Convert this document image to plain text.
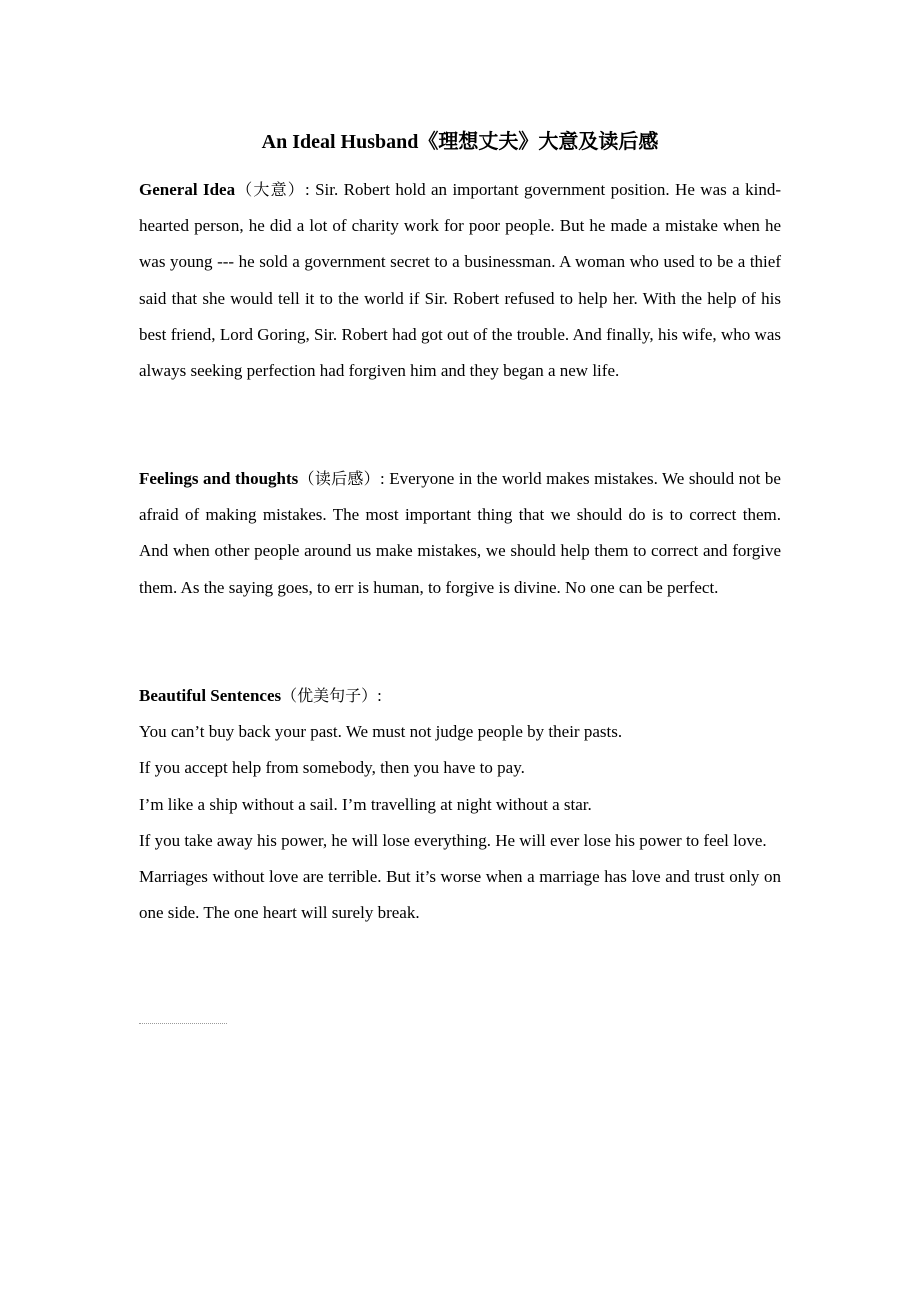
An Ideal Husband《理想丈夫》大意及读后感

General Idea（大意）: Sir. Robert hold an important government position. He was a kind-hearted person, he did a lot of charity work for poor people. But he made a mistake when he was young --- he sold a government secret to a businessman. A woman who used to be a thief said that she would tell it to the world if Sir. Robert refused to help her. With the help of his best friend, Lord Goring, Sir. Robert had got out of the trouble. And finally, his wife, who was always seeking perfection had forgiven him and they began a new life.

Feelings and thoughts（读后感）: Everyone in the world makes mistakes. We should not be afraid of making mistakes. The most important thing that we should do is to correct them. And when other people around us make mistakes, we should help them to correct and forgive them. As the saying goes, to err is human, to forgive is divine. No one can be perfect.

Beautiful Sentences（优美句子）:
You can’t buy back your past. We must not judge people by their pasts.
If you accept help from somebody, then you have to pay.
I’m like a ship without a sail. I’m travelling at night without a star.
If you take away his power, he will lose everything. He will ever lose his power to feel love.
Marriages without love are terrible. But it’s worse when a marriage has love and trust only on one side. The one heart will surely break.
